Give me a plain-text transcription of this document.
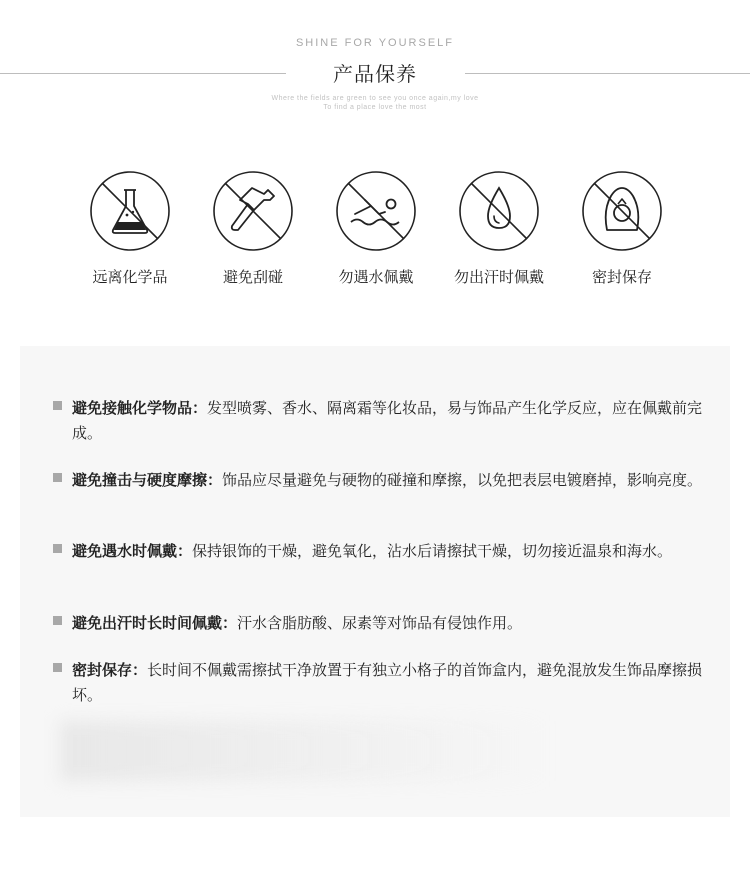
SHINE FOR YOURSELF
产品保养
Where the fields are green to see you once again,my love
To find a place love the most
远离化学品	避免刮碰	勿遇水佩戴	勿出汗时佩戴	密封保存
避免接触化学物品：发型喷雾、香水、隔离霜等化妆品，易与饰品产生化学反应，应在佩戴前完成。
避免撞击与硬度摩擦：饰品应尽量避免与硬物的碰撞和摩擦，以免把表层电镀磨掉，影响亮度。
避免遇水时佩戴：保持银饰的干燥，避免氧化，沾水后请擦拭干燥，切勿接近温泉和海水。
避免出汗时长时间佩戴：汗水含脂肪酸、尿素等对饰品有侵蚀作用。
密封保存：长时间不佩戴需擦拭干净放置于有独立小格子的首饰盒内，避免混放发生饰品摩擦损坏。
